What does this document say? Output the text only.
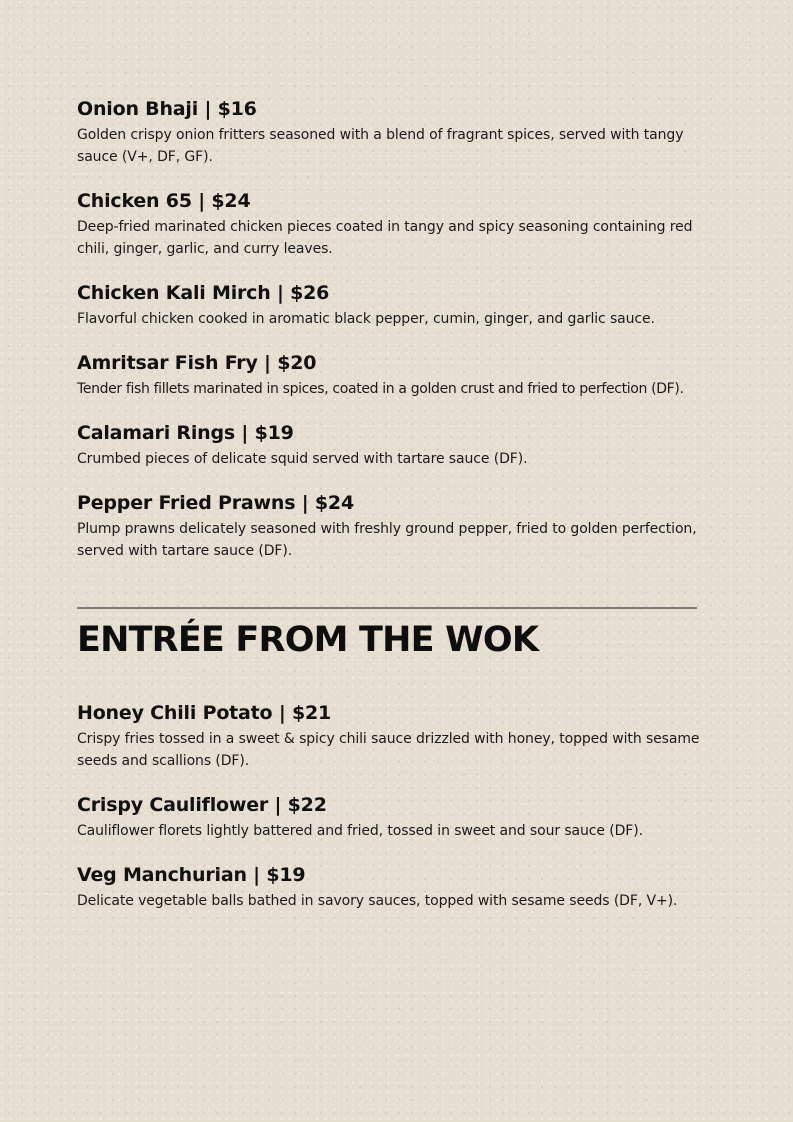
Onion Bhaji | $16

Golden crispy onion fritters seasoned with a blend of fragrant spices, served with tangy sauce (V+, DF, GF).

Chicken 65 | $24

Deep-fried marinated chicken pieces coated in tangy and spicy seasoning containing red chili, ginger, garlic, and curry leaves.

Chicken Kali Mirch | $26

Flavorful chicken cooked in aromatic black pepper, cumin, ginger, and garlic sauce.

Amritsar Fish Fry | $20

Tender fish fillets marinated in spices, coated in a golden crust and fried to perfection (DF).

Calamari Rings | $19

Crumbed pieces of delicate squid served with tartare sauce (DF).

Pepper Fried Prawns | $24

Plump prawns delicately seasoned with freshly ground pepper, fried to golden perfection, served with tartare sauce (DF).

ENTRÉE FROM THE WOK
Honey Chili Potato | $21

Crispy fries tossed in a sweet & spicy chili sauce drizzled with honey, topped with sesame seeds and scallions (DF).

Crispy Cauliflower | $22

Cauliflower florets lightly battered and fried, tossed in sweet and sour sauce (DF).

Veg Manchurian | $19

Delicate vegetable balls bathed in savory sauces, topped with sesame seeds (DF, V+).
